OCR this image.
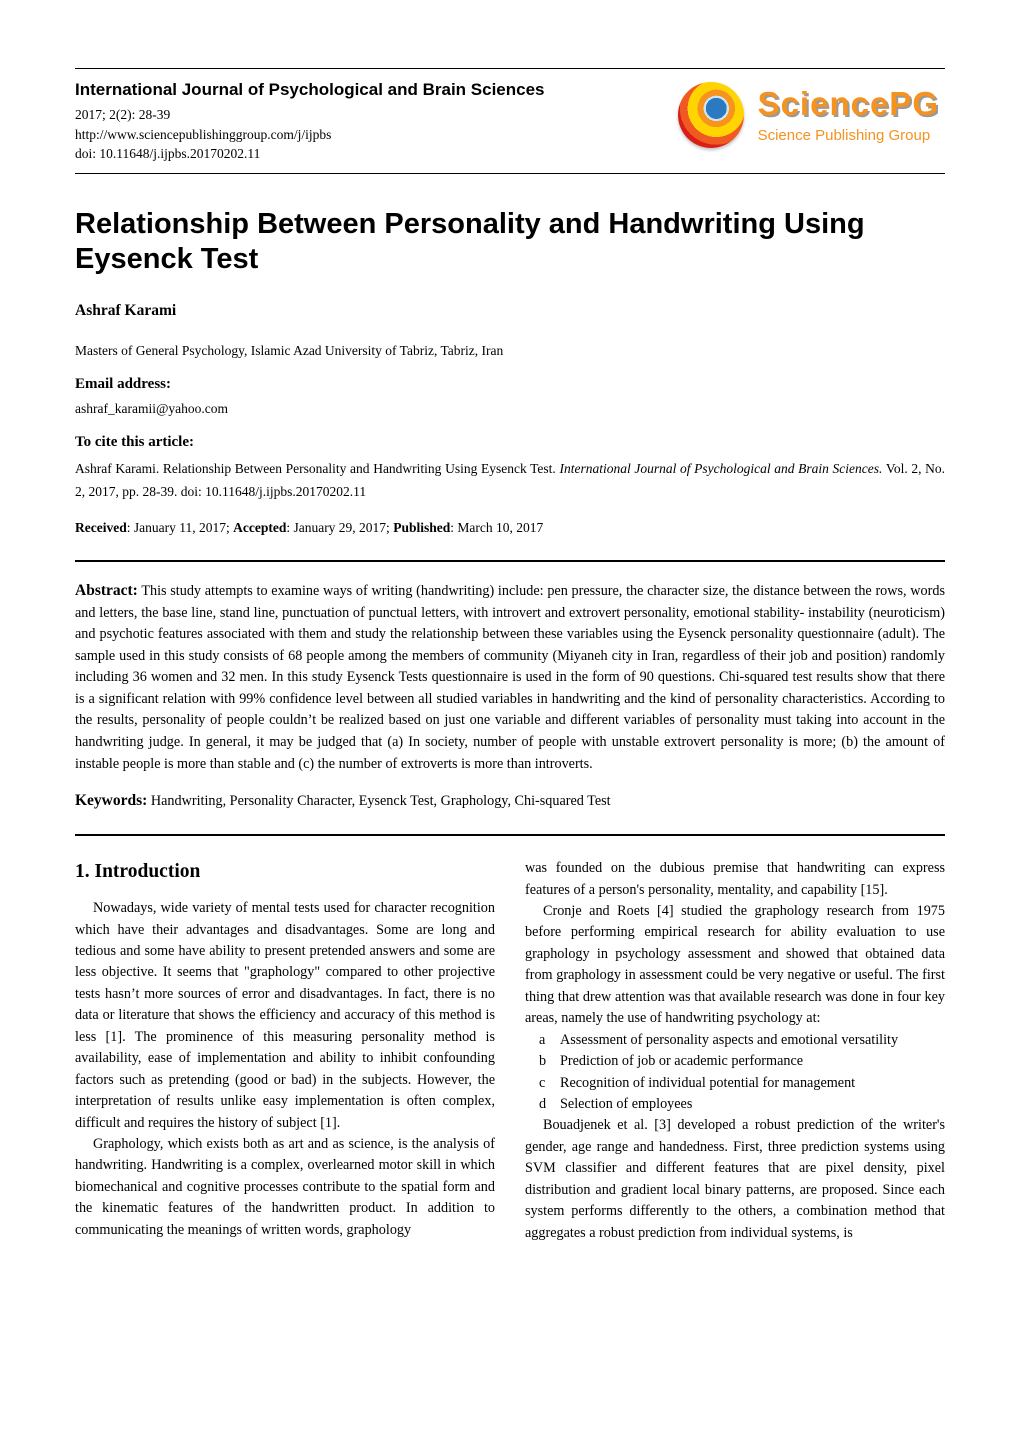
International Journal of Psychological and Brain Sciences
2017; 2(2): 28-39
http://www.sciencepublishinggroup.com/j/ijpbs
doi: 10.11648/j.ijpbs.20170202.11
SciencePG
Science Publishing Group
Relationship Between Personality and Handwriting Using Eysenck Test
Ashraf Karami
Masters of General Psychology, Islamic Azad University of Tabriz, Tabriz, Iran
Email address:
ashraf_karamii@yahoo.com
To cite this article:

Ashraf Karami. Relationship Between Personality and Handwriting Using Eysenck Test. International Journal of Psychological and Brain Sciences. Vol. 2, No. 2, 2017, pp. 28-39. doi: 10.11648/j.ijpbs.20170202.11

Received: January 11, 2017; Accepted: January 29, 2017; Published: March 10, 2017

Abstract: This study attempts to examine ways of writing (handwriting) include: pen pressure, the character size, the distance between the rows, words and letters, the base line, stand line, punctuation of punctual letters, with introvert and extrovert personality, emotional stability- instability (neuroticism) and psychotic features associated with them and study the relationship between these variables using the Eysenck personality questionnaire (adult). The sample used in this study consists of 68 people among the members of community (Miyaneh city in Iran, regardless of their job and position) randomly including 36 women and 32 men. In this study Eysenck Tests questionnaire is used in the form of 90 questions. Chi-squared test results show that there is a significant relation with 99% confidence level between all studied variables in handwriting and the kind of personality characteristics. According to the results, personality of people couldn’t be realized based on just one variable and different variables of personality must taking into account in the handwriting judge. In general, it may be judged that (a) In society, number of people with unstable extrovert personality is more; (b) the amount of instable people is more than stable and (c) the number of extroverts is more than introverts.

Keywords: Handwriting, Personality Character, Eysenck Test, Graphology, Chi-squared Test

1. Introduction

Nowadays, wide variety of mental tests used for character recognition which have their advantages and disadvantages. Some are long and tedious and some have ability to present pretended answers and some are less objective. It seems that "graphology" compared to other projective tests hasn’t more sources of error and disadvantages. In fact, there is no data or literature that shows the efficiency and accuracy of this method is less [1]. The prominence of this measuring personality method is availability, ease of implementation and ability to inhibit confounding factors such as pretending (good or bad) in the subjects. However, the interpretation of results unlike easy implementation is often complex, difficult and requires the history of subject [1].

Graphology, which exists both as art and as science, is the analysis of handwriting. Handwriting is a complex, overlearned motor skill in which biomechanical and cognitive processes contribute to the spatial form and the kinematic features of the handwritten product. In addition to communicating the meanings of written words, graphology

was founded on the dubious premise that handwriting can express features of a person's personality, mentality, and capability [15].

Cronje and Roets [4] studied the graphology research from 1975 before performing empirical research for ability evaluation to use graphology in psychology assessment and showed that obtained data from graphology in assessment could be very negative or useful. The first thing that drew attention was that available research was done in four key areas, namely the use of handwriting psychology at:

a	Assessment of personality aspects and emotional versatility
b Prediction of job or academic performance
c	Recognition of individual potential for management
d Selection of employees

Bouadjenek et al. [3] developed a robust prediction of the writer's gender, age range and handedness. First, three prediction systems using SVM classifier and different features that are pixel density, pixel distribution and gradient local binary patterns, are proposed. Since each system performs differently to the others, a combination method that aggregates a robust prediction from individual systems, is
